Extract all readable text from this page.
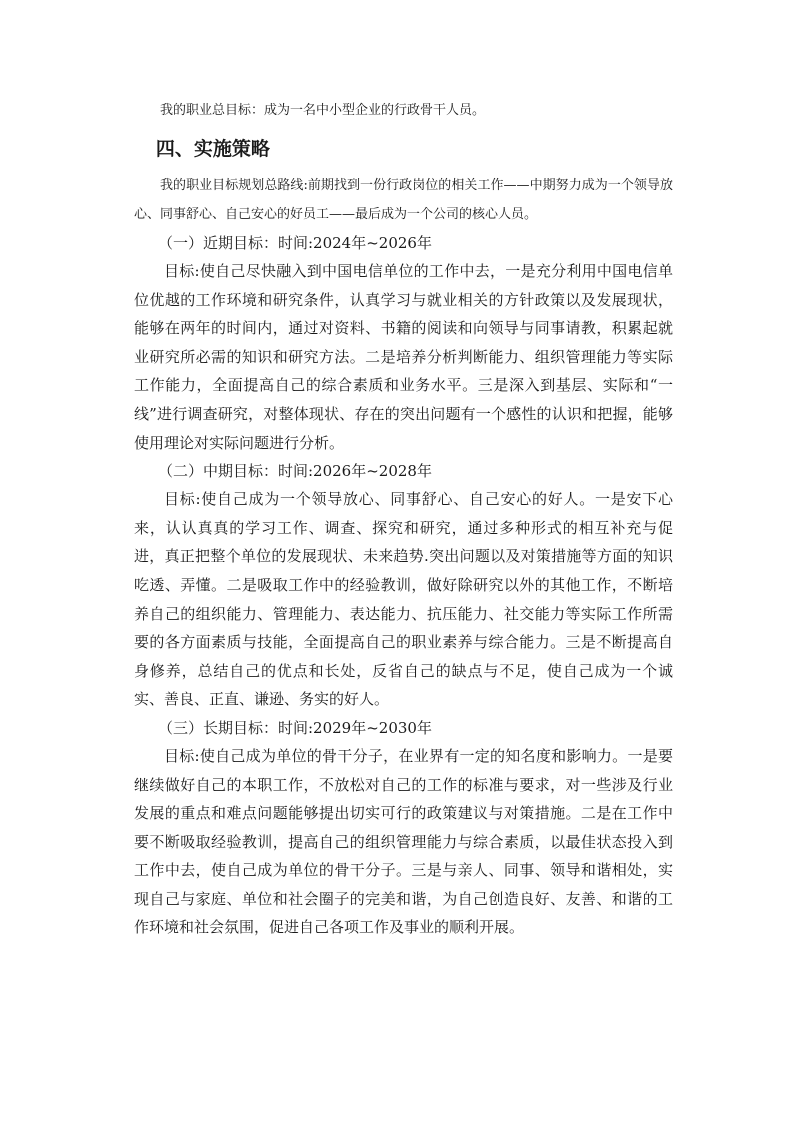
我的职业总目标：成为一名中小型企业的行政骨干人员。

四、实施策略

我的职业目标规划总路线:前期找到一份行政岗位的相关工作——中期努力成为一个领导放心、同事舒心、自己安心的好员工——最后成为一个公司的核心人员。

（一）近期目标：时间:2024年~2026年

目标:使自己尽快融入到中国电信单位的工作中去，一是充分利用中国电信单位优越的工作环境和研究条件，认真学习与就业相关的方针政策以及发展现状，能够在两年的时间内，通过对资料、书籍的阅读和向领导与同事请教，积累起就业研究所必需的知识和研究方法。二是培养分析判断能力、组织管理能力等实际工作能力，全面提高自己的综合素质和业务水平。三是深入到基层、实际和“一线”进行调查研究，对整体现状、存在的突出问题有一个感性的认识和把握，能够使用理论对实际问题进行分析。

（二）中期目标：时间:2026年~2028年

目标:使自己成为一个领导放心、同事舒心、自己安心的好人。一是安下心来，认认真真的学习工作、调查、探究和研究，通过多种形式的相互补充与促进，真正把整个单位的发展现状、未来趋势.突出问题以及对策措施等方面的知识吃透、弄懂。二是吸取工作中的经验教训，做好除研究以外的其他工作，不断培养自己的组织能力、管理能力、表达能力、抗压能力、社交能力等实际工作所需要的各方面素质与技能，全面提高自己的职业素养与综合能力。三是不断提高自身修养，总结自己的优点和长处，反省自己的缺点与不足，使自己成为一个诚实、善良、正直、谦逊、务实的好人。

（三）长期目标：时间:2029年~2030年

目标:使自己成为单位的骨干分子，在业界有一定的知名度和影响力。一是要继续做好自己的本职工作，不放松对自己的工作的标准与要求，对一些涉及行业发展的重点和难点问题能够提出切实可行的政策建议与对策措施。二是在工作中要不断吸取经验教训，提高自己的组织管理能力与综合素质，以最佳状态投入到工作中去，使自己成为单位的骨干分子。三是与亲人、同事、领导和谐相处，实现自己与家庭、单位和社会圈子的完美和谐，为自己创造良好、友善、和谐的工作环境和社会氛围，促进自己各项工作及事业的顺利开展。
